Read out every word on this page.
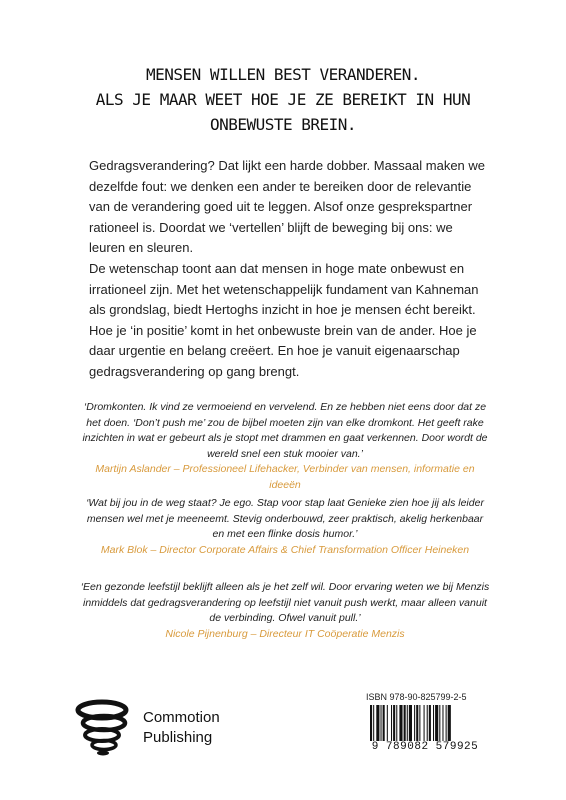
MENSEN WILLEN BEST VERANDEREN.
ALS JE MAAR WEET HOE JE ZE BEREIKT IN HUN
ONBEWUSTE BREIN.
Gedragsverandering? Dat lijkt een harde dobber. Massaal maken we dezelfde fout: we denken een ander te bereiken door de relevantie van de verandering goed uit te leggen. Alsof onze gesprekspartner rationeel is. Doordat we ‘vertellen’ blijft de beweging bij ons: we leuren en sleuren.
De wetenschap toont aan dat mensen in hoge mate onbewust en irrationeel zijn. Met het wetenschappelijk fundament van Kahneman als grondslag, biedt Hertoghs inzicht in hoe je mensen écht bereikt. Hoe je ‘in positie’ komt in het onbewuste brein van de ander. Hoe je daar urgentie en belang creëert. En hoe je vanuit eigenaarschap gedragsverandering op gang brengt.
‘Dromkonten. Ik vind ze vermoeiend en vervelend. En ze hebben niet eens door dat ze het doen. ‘Don’t push me’ zou de bijbel moeten zijn van elke dromkont. Het geeft rake inzichten in wat er gebeurt als je stopt met drammen en gaat verkennen. Door wordt de wereld snel een stuk mooier van.’
Martijn Aslander – Professioneel Lifehacker, Verbinder van mensen, informatie en ideeën
‘Wat bij jou in de weg staat? Je ego. Stap voor stap laat Genieke zien hoe jij als leider mensen wel met je meeneemt. Stevig onderbouwd, zeer praktisch, akelig herkenbaar en met een flinke dosis humor.’
Mark Blok – Director Corporate Affairs & Chief Transformation Officer Heineken
‘Een gezonde leefstijl beklijft alleen als je het zelf wil. Door ervaring weten we bij Menzis inmiddels dat gedragsverandering op leefstijl niet vanuit push werkt, maar alleen vanuit de verbinding. Ofwel vanuit pull.’
Nicole Pijnenburg – Directeur IT Coöperatie Menzis
Commotion
Publishing
ISBN 978-90-825799-2-5
9 789082 579925
